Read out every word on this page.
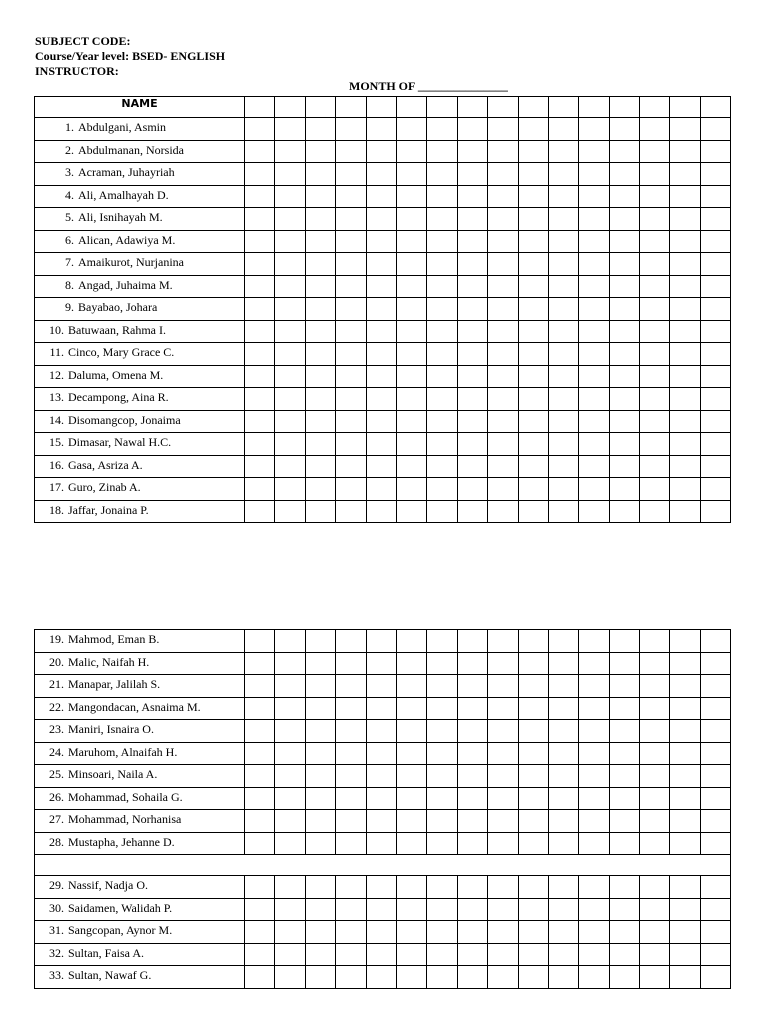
SUBJECT CODE:
Course/Year level: BSED- ENGLISH
INSTRUCTOR:
MONTH OF _______________
NAME																
1. Abdulgani, Asmin																
2. Abdulmanan, Norsida																
3. Acraman, Juhayriah																
4. Ali, Amalhayah D.																
5. Ali, Isnihayah M.																
6. Alican, Adawiya M.																
7. Amaikurot, Nurjanina																
8. Angad, Juhaima M.																
9. Bayabao, Johara																
10. Batuwaan, Rahma I.																
11. Cinco, Mary Grace C.																
12. Daluma, Omena M.																
13. Decampong, Aina R.																
14. Disomangcop, Jonaima																
15. Dimasar, Nawal H.C.																
16. Gasa, Asriza A.																
17. Guro, Zinab A.																
18. Jaffar, Jonaina P.																
19. Mahmod, Eman B.																
20. Malic, Naifah H.																
21. Manapar, Jalilah S.																
22. Mangondacan, Asnaima M.																
23. Maniri, Isnaira O.																
24. Maruhom, Alnaifah H.																
25. Minsoari, Naila A.																
26. Mohammad, Sohaila G.																
27. Mohammad, Norhanisa																
28. Mustapha, Jehanne D.																

29. Nassif, Nadja O.																
30. Saidamen, Walidah P.																
31. Sangcopan, Aynor M.																
32. Sultan, Faisa A.																
33. Sultan, Nawaf G.																
